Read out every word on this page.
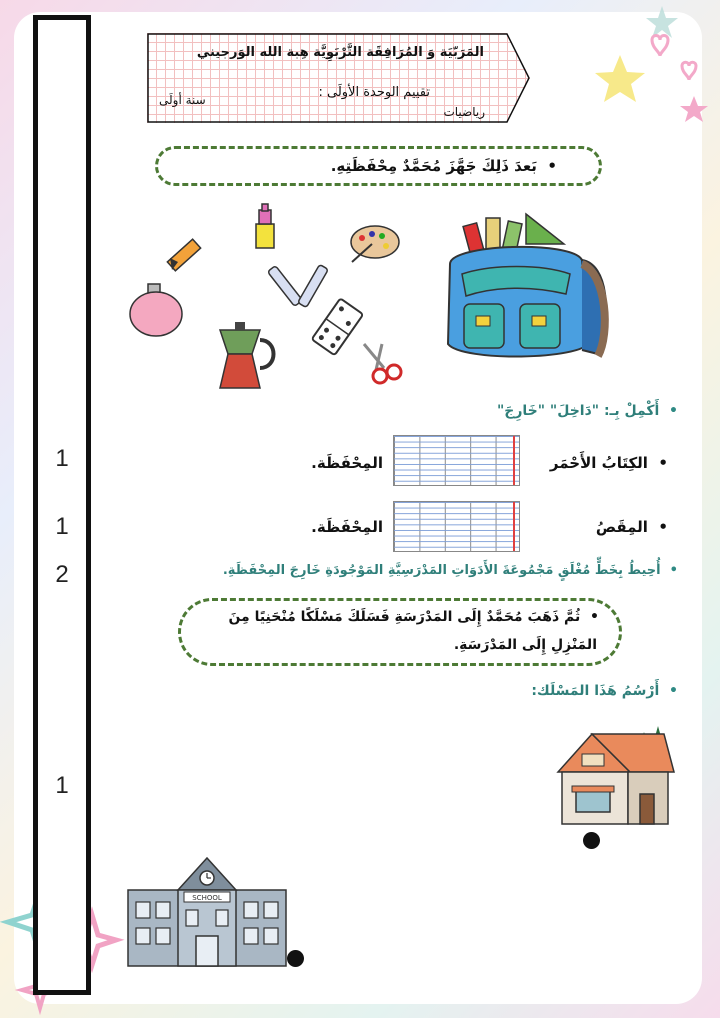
1
1
2
1
المَرَبّيَة وَ المُرَافِقَة التَّرْبَوِيَّة هِبة الله الوَرجيني
تقييم الوحدة الأولَى :
رياضيات
سنة أولَى
•  بَعدَ ذَلِكَ جَهَّزَ مُحَمَّدٌ مِحْفَظَتِهِ.
•  أَكْمِلْ بِـ: "دَاخِلَ" "خَارِجَ"
•  الكِتَابُ الأَحْمَر
المِحْفَظَة.
•  المِقَصُ
المِحْفَظَة.
•  أُحِيطُ بِخَطٍّ مُغْلَقٍ مَجْمُوعَةَ الأَدَوَاتِ المَدْرَسِيَّةِ المَوْجُودَةِ خَارِجَ المِحْفَظَةِ.
•  ثُمَّ ذَهَبَ مُحَمَّدٌ إِلَى المَدْرَسَةِ فَسَلَكَ مَسْلَكًا مُنْحَنِيًا مِنَ
المَنْزِلِ إِلَى المَدْرَسَةِ.
•  أَرْسُمُ هَذَا المَسْلَك:
SCHOOL
